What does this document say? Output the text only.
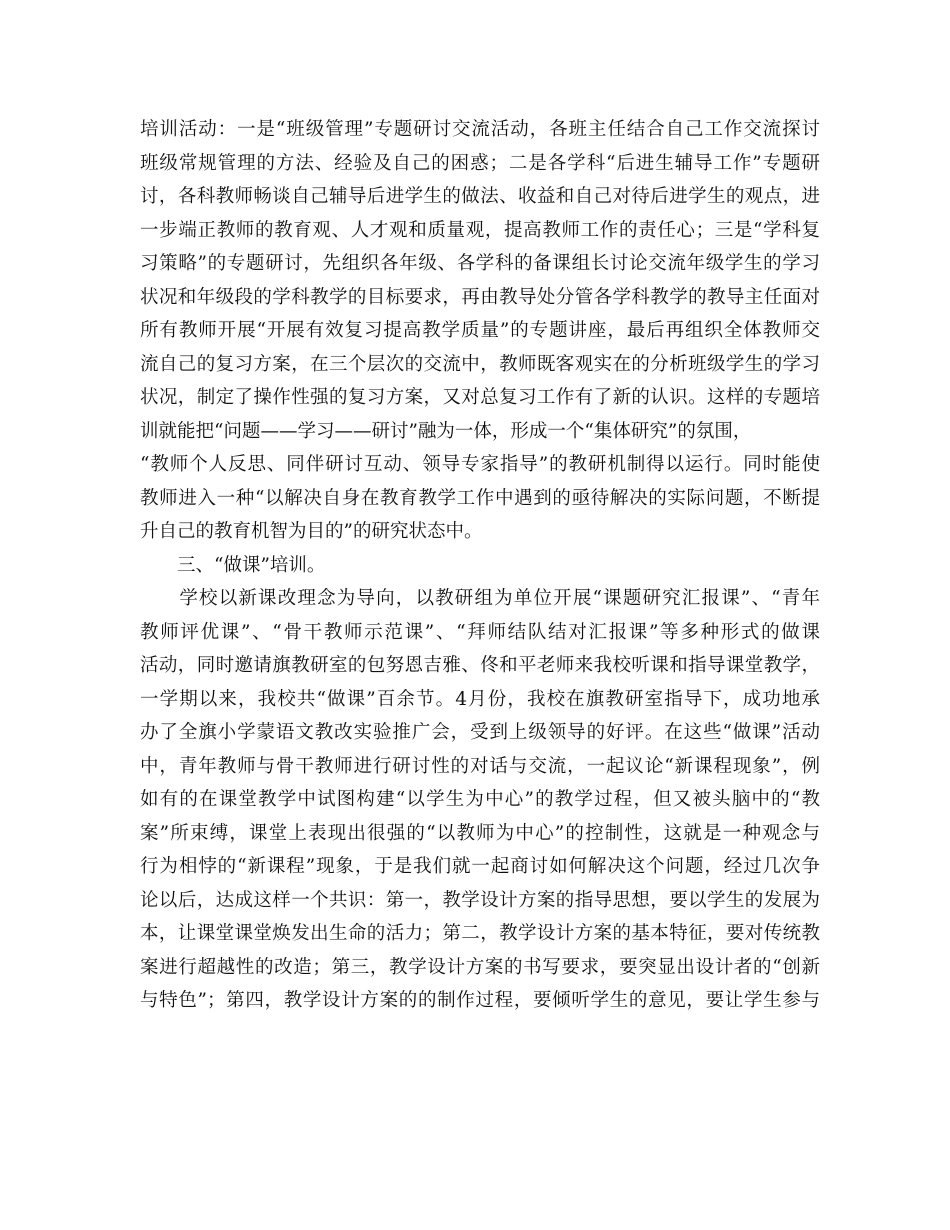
培训活动：一是“班级管理”专题研讨交流活动，各班主任结合自己工作交流探讨
班级常规管理的方法、经验及自己的困惑；二是各学科“后进生辅导工作”专题研
讨，各科教师畅谈自己辅导后进学生的做法、收益和自己对待后进学生的观点，进
一步端正教师的教育观、人才观和质量观，提高教师工作的责任心；三是“学科复
习策略”的专题研讨，先组织各年级、各学科的备课组长讨论交流年级学生的学习
状况和年级段的学科教学的目标要求，再由教导处分管各学科教学的教导主任面对
所有教师开展“开展有效复习提高教学质量”的专题讲座，最后再组织全体教师交
流自己的复习方案，在三个层次的交流中，教师既客观实在的分析班级学生的学习
状况，制定了操作性强的复习方案，又对总复习工作有了新的认识。这样的专题培
训就能把“问题——学习——研讨”融为一体，形成一个“集体研究”的氛围，
“教师个人反思、同伴研讨互动、领导专家指导”的教研机制得以运行。同时能使
教师进入一种“以解决自身在教育教学工作中遇到的亟待解决的实际问题，不断提
升自己的教育机智为目的”的研究状态中。
　　三、“做课”培训。
　　学校以新课改理念为导向，以教研组为单位开展“课题研究汇报课”、“青年
教师评优课”、“骨干教师示范课”、“拜师结队结对汇报课”等多种形式的做课
活动，同时邀请旗教研室的包努恩吉雅、佟和平老师来我校听课和指导课堂教学，
一学期以来，我校共“做课”百余节。4月份，我校在旗教研室指导下，成功地承
办了全旗小学蒙语文教改实验推广会，受到上级领导的好评。在这些“做课”活动
中，青年教师与骨干教师进行研讨性的对话与交流，一起议论“新课程现象”，例
如有的在课堂教学中试图构建“以学生为中心”的教学过程，但又被头脑中的“教
案”所束缚，课堂上表现出很强的“以教师为中心”的控制性，这就是一种观念与
行为相悖的“新课程”现象，于是我们就一起商讨如何解决这个问题，经过几次争
论以后，达成这样一个共识：第一，教学设计方案的指导思想，要以学生的发展为
本，让课堂课堂焕发出生命的活力；第二，教学设计方案的基本特征，要对传统教
案进行超越性的改造；第三，教学设计方案的书写要求，要突显出设计者的“创新
与特色”；第四，教学设计方案的的制作过程，要倾听学生的意见，要让学生参与
